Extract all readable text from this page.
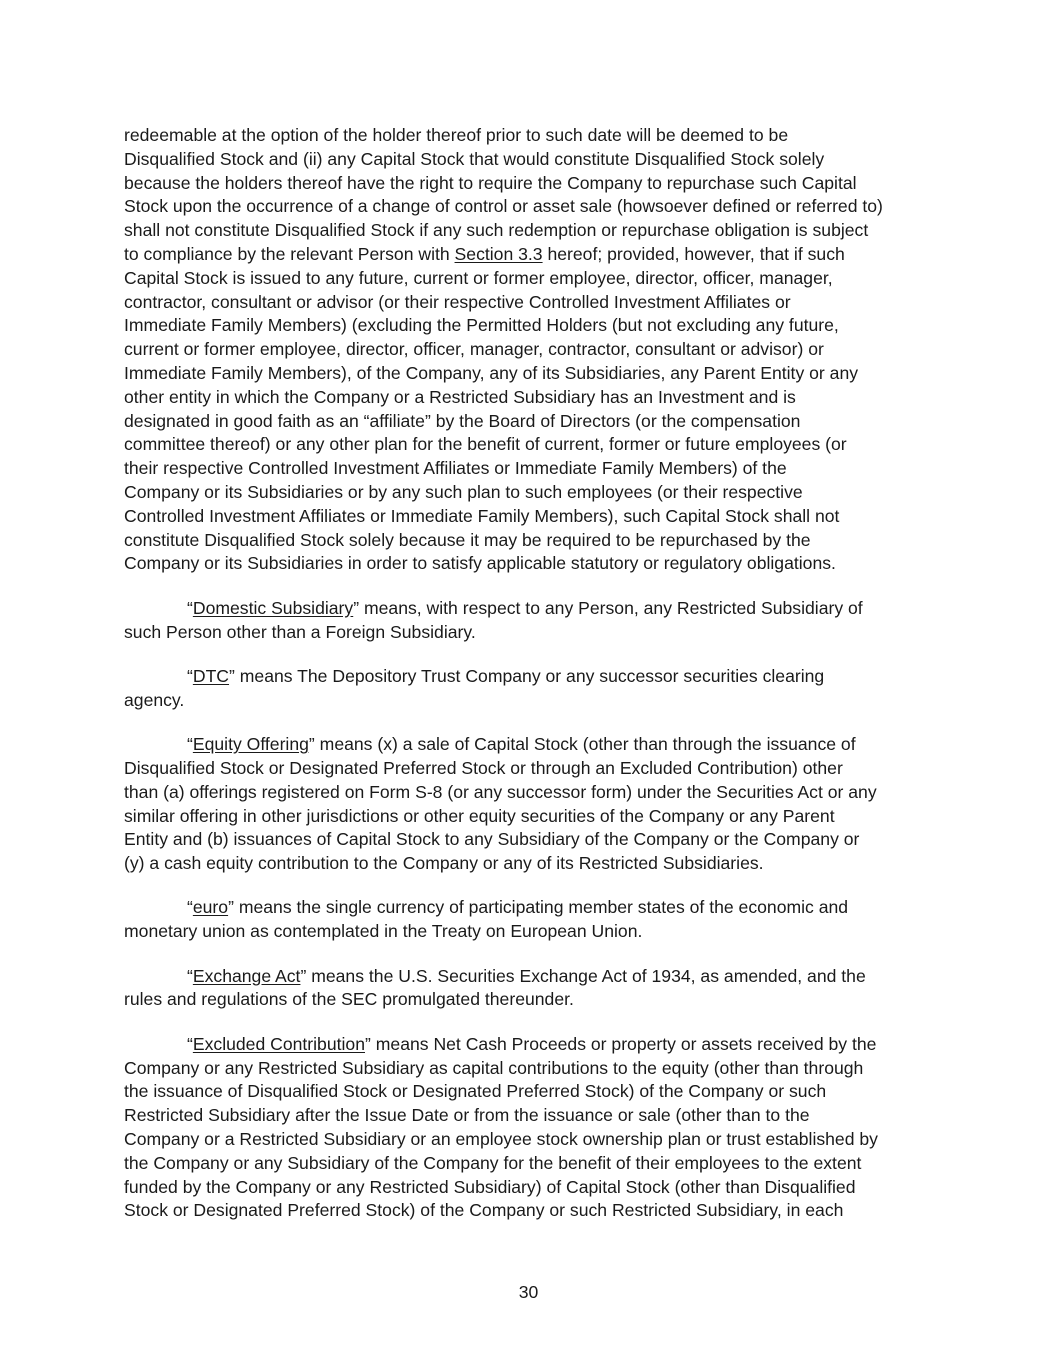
redeemable at the option of the holder thereof prior to such date will be deemed to be
Disqualified Stock and (ii) any Capital Stock that would constitute Disqualified Stock solely
because the holders thereof have the right to require the Company to repurchase such Capital
Stock upon the occurrence of a change of control or asset sale (howsoever defined or referred to)
shall not constitute Disqualified Stock if any such redemption or repurchase obligation is subject
to compliance by the relevant Person with Section 3.3 hereof; provided, however, that if such
Capital Stock is issued to any future, current or former employee, director, officer, manager,
contractor, consultant or advisor (or their respective Controlled Investment Affiliates or
Immediate Family Members) (excluding the Permitted Holders (but not excluding any future,
current or former employee, director, officer, manager, contractor, consultant or advisor) or
Immediate Family Members), of the Company, any of its Subsidiaries, any Parent Entity or any
other entity in which the Company or a Restricted Subsidiary has an Investment and is
designated in good faith as an “affiliate” by the Board of Directors (or the compensation
committee thereof) or any other plan for the benefit of current, former or future employees (or
their respective Controlled Investment Affiliates or Immediate Family Members) of the
Company or its Subsidiaries or by any such plan to such employees (or their respective
Controlled Investment Affiliates or Immediate Family Members), such Capital Stock shall not
constitute Disqualified Stock solely because it may be required to be repurchased by the
Company or its Subsidiaries in order to satisfy applicable statutory or regulatory obligations.

“Domestic Subsidiary” means, with respect to any Person, any Restricted Subsidiary of
such Person other than a Foreign Subsidiary.

“DTC” means The Depository Trust Company or any successor securities clearing
agency.

“Equity Offering” means (x) a sale of Capital Stock (other than through the issuance of
Disqualified Stock or Designated Preferred Stock or through an Excluded Contribution) other
than (a) offerings registered on Form S-8 (or any successor form) under the Securities Act or any
similar offering in other jurisdictions or other equity securities of the Company or any Parent
Entity and (b) issuances of Capital Stock to any Subsidiary of the Company or the Company or
(y) a cash equity contribution to the Company or any of its Restricted Subsidiaries.

“euro” means the single currency of participating member states of the economic and
monetary union as contemplated in the Treaty on European Union.

“Exchange Act” means the U.S. Securities Exchange Act of 1934, as amended, and the
rules and regulations of the SEC promulgated thereunder.

“Excluded Contribution” means Net Cash Proceeds or property or assets received by the
Company or any Restricted Subsidiary as capital contributions to the equity (other than through
the issuance of Disqualified Stock or Designated Preferred Stock) of the Company or such
Restricted Subsidiary after the Issue Date or from the issuance or sale (other than to the
Company or a Restricted Subsidiary or an employee stock ownership plan or trust established by
the Company or any Subsidiary of the Company for the benefit of their employees to the extent
funded by the Company or any Restricted Subsidiary) of Capital Stock (other than Disqualified
Stock or Designated Preferred Stock) of the Company or such Restricted Subsidiary, in each

30
